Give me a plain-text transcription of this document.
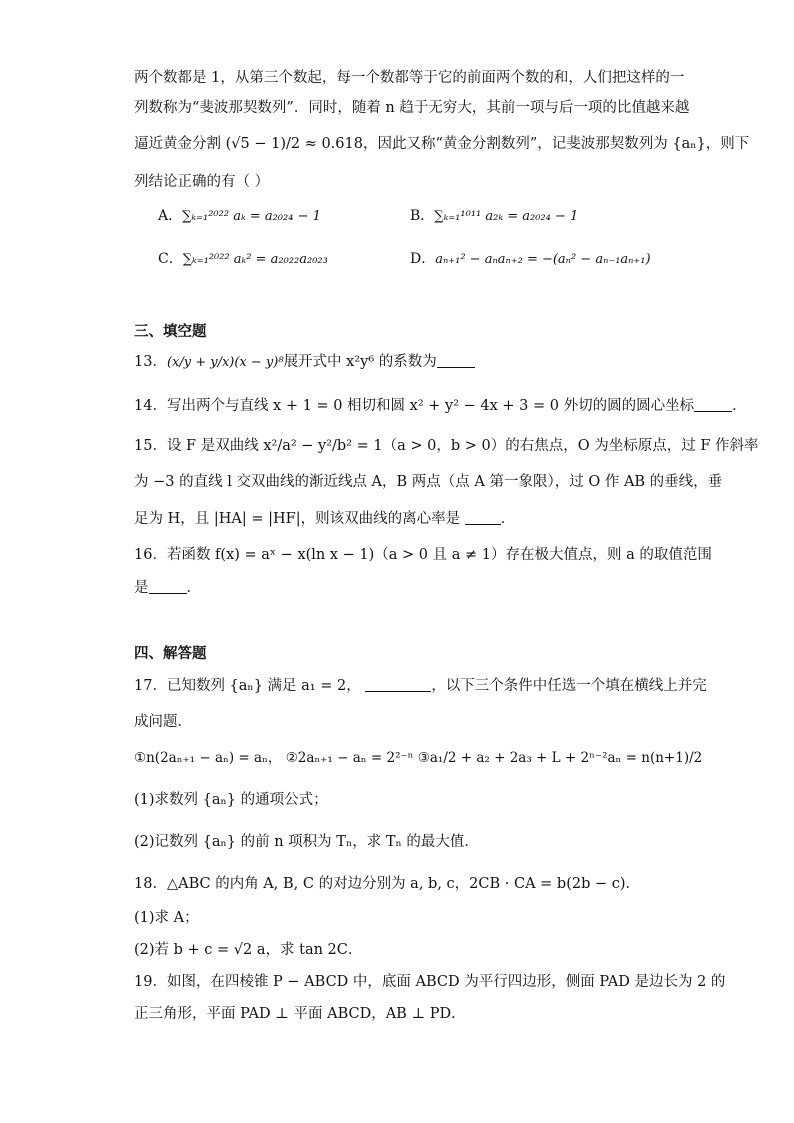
两个数都是 1，从第三个数起，每一个数都等于它的前面两个数的和，人们把这样的一
列数称为“斐波那契数列”．同时，随着 n 趋于无穷大，其前一项与后一项的比值越来越
逼近黄金分割 (√5 − 1)/2 ≈ 0.618，因此又称“黄金分割数列”，记斐波那契数列为 {aₙ}，则下
列结论正确的有（ ）
A．∑ₖ₌₁²⁰²² aₖ = a₂₀₂₄ − 1	B．∑ₖ₌₁¹⁰¹¹ a₂ₖ = a₂₀₂₄ − 1
C．∑ₖ₌₁²⁰²² aₖ² = a₂₀₂₂a₂₀₂₃	D．aₙ₊₁² − aₙaₙ₊₂ = −(aₙ² − aₙ₋₁aₙ₊₁)
三、填空题
13．(x/y + y/x)(x − y)⁸展开式中 x²y⁶ 的系数为
14．写出两个与直线 x + 1 = 0 相切和圆 x² + y² − 4x + 3 = 0 外切的圆的圆心坐标	．
15．设 F 是双曲线 x²/a² − y²/b² = 1（a > 0，b > 0）的右焦点，O 为坐标原点，过 F 作斜率
为 −3 的直线 l 交双曲线的渐近线点 A，B 两点（点 A 第一象限），过 O 作 AB 的垂线，垂
足为 H，且 |HA| = |HF|，则该双曲线的离心率是	．
16．若函数 f(x) = aˣ − x(ln x − 1)（a > 0 且 a ≠ 1）存在极大值点，则 a 的取值范围
是	．
四、解答题
17．已知数列 {aₙ} 满足 a₁ = 2，	，以下三个条件中任选一个填在横线上并完
成问题．
①n(2aₙ₊₁ − aₙ) = aₙ， ②2aₙ₊₁ − aₙ = 2²⁻ⁿ ③a₁/2 + a₂ + 2a₃ + L + 2ⁿ⁻²aₙ = n(n+1)/2
(1)求数列 {aₙ} 的通项公式；
(2)记数列 {aₙ} 的前 n 项积为 Tₙ，求 Tₙ 的最大值．
18．△ABC 的内角 A, B, C 的对边分别为 a, b, c，2CB · CA = b(2b − c)．
(1)求 A；
(2)若 b + c = √2 a，求 tan 2C．
19．如图，在四棱锥 P − ABCD 中，底面 ABCD 为平行四边形，侧面 PAD 是边长为 2 的
正三角形，平面 PAD ⊥ 平面 ABCD，AB ⊥ PD．
